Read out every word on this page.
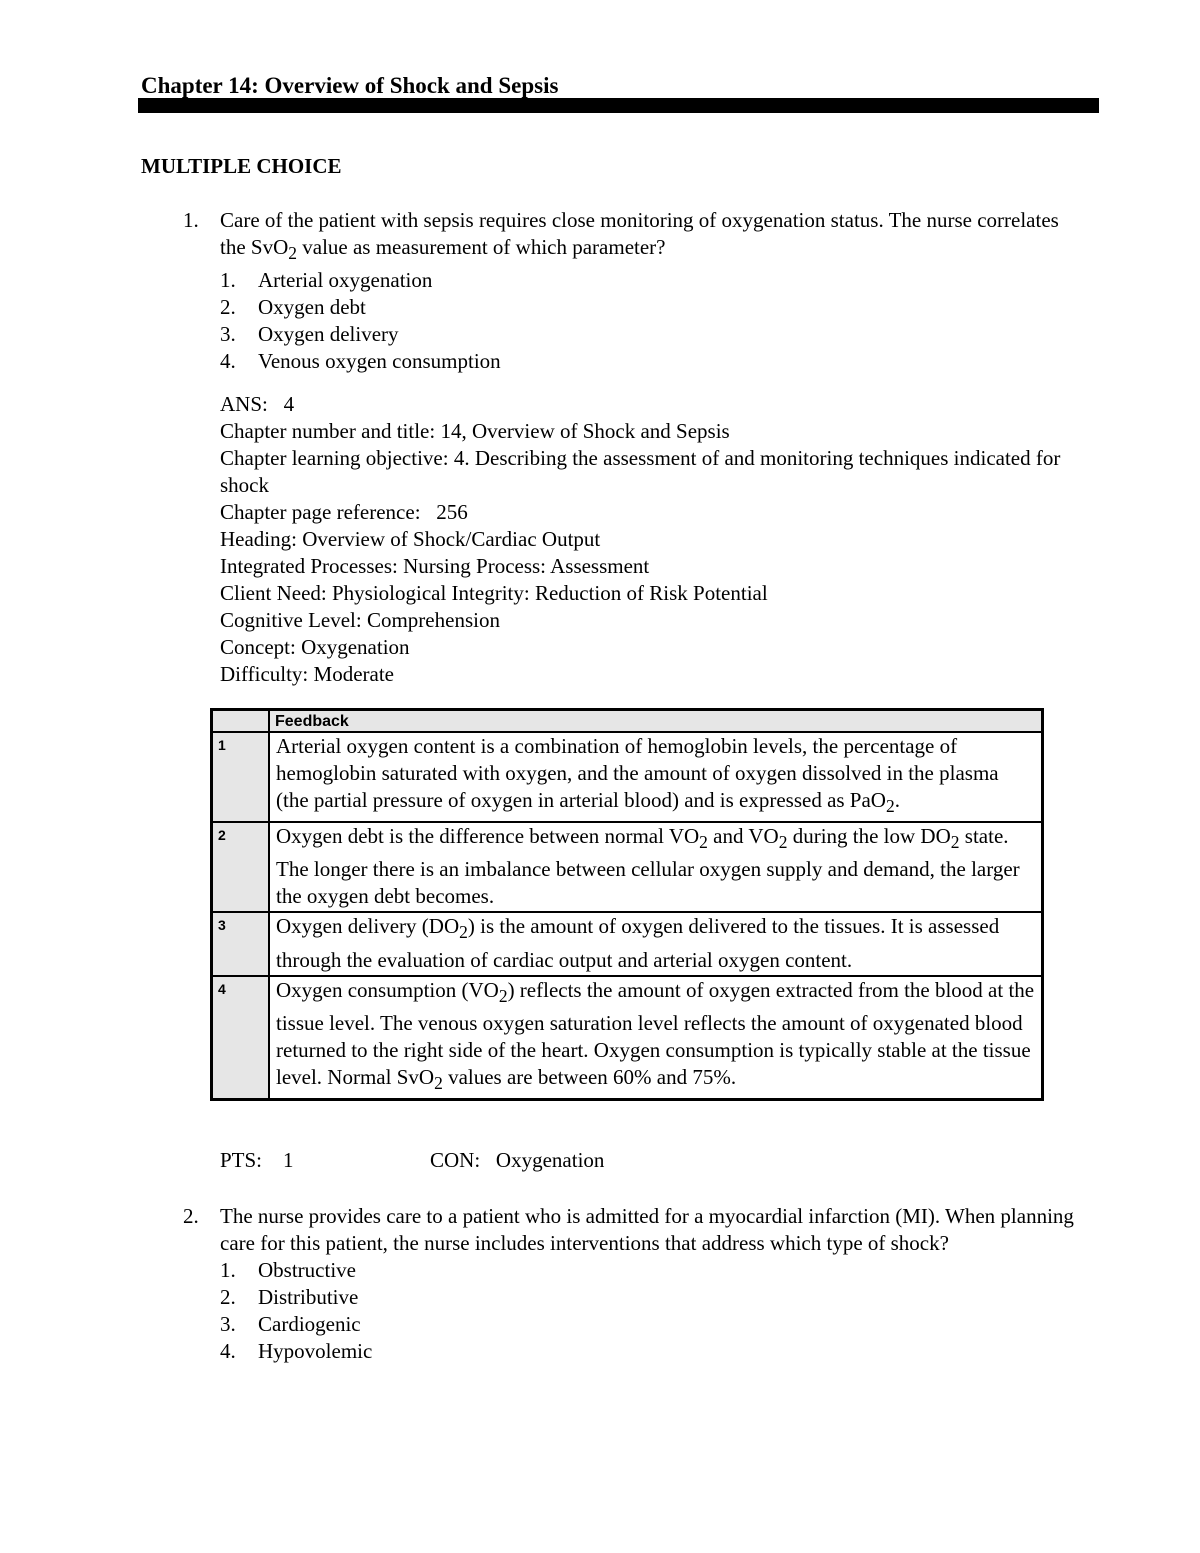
Chapter 14: Overview of Shock and Sepsis
MULTIPLE CHOICE
1. Care of the patient with sepsis requires close monitoring of oxygenation status. The nurse correlates the SvO$_2$ value as measurement of which parameter?

1. Arterial oxygenation
2. Oxygen debt
3. Oxygen delivery
4. Venous oxygen consumption

ANS:   4

Chapter number and title: 14, Overview of Shock and Sepsis

Chapter learning objective: 4. Describing the assessment of and monitoring techniques indicated for shock

Chapter page reference:   256

Heading: Overview of Shock/Cardiac Output

Integrated Processes: Nursing Process: Assessment

Client Need: Physiological Integrity: Reduction of Risk Potential

Cognitive Level: Comprehension

Concept: Oxygenation

Difficulty: Moderate

	Feedback
1	Arterial oxygen content is a combination of hemoglobin levels, the percentage of hemoglobin saturated with oxygen, and the amount of oxygen dissolved in the plasma (the partial pressure of oxygen in arterial blood) and is expressed as PaO$_2$.
2	Oxygen debt is the difference between normal $VO_2$ and $VO_2$ during the low $DO_2$ state. The longer there is an imbalance between cellular oxygen supply and demand, the larger the oxygen debt becomes.
3	Oxygen delivery $(DO_2)$ is the amount of oxygen delivered to the tissues. It is assessed through the evaluation of cardiac output and arterial oxygen content.
4	Oxygen consumption $(VO_2)$ reflects the amount of oxygen extracted from the blood at the tissue level. The venous oxygen saturation level reflects the amount of oxygenated blood returned to the right side of the heart. Oxygen consumption is typically stable at the tissue level. Normal SvO$_2$ values are between 60% and 75%.
PTS:    1	CON:   Oxygenation
2. The nurse provides care to a patient who is admitted for a myocardial infarction (MI). When planning care for this patient, the nurse includes interventions that address which type of shock?

1. Obstructive
2. Distributive
3. Cardiogenic
4. Hypovolemic
